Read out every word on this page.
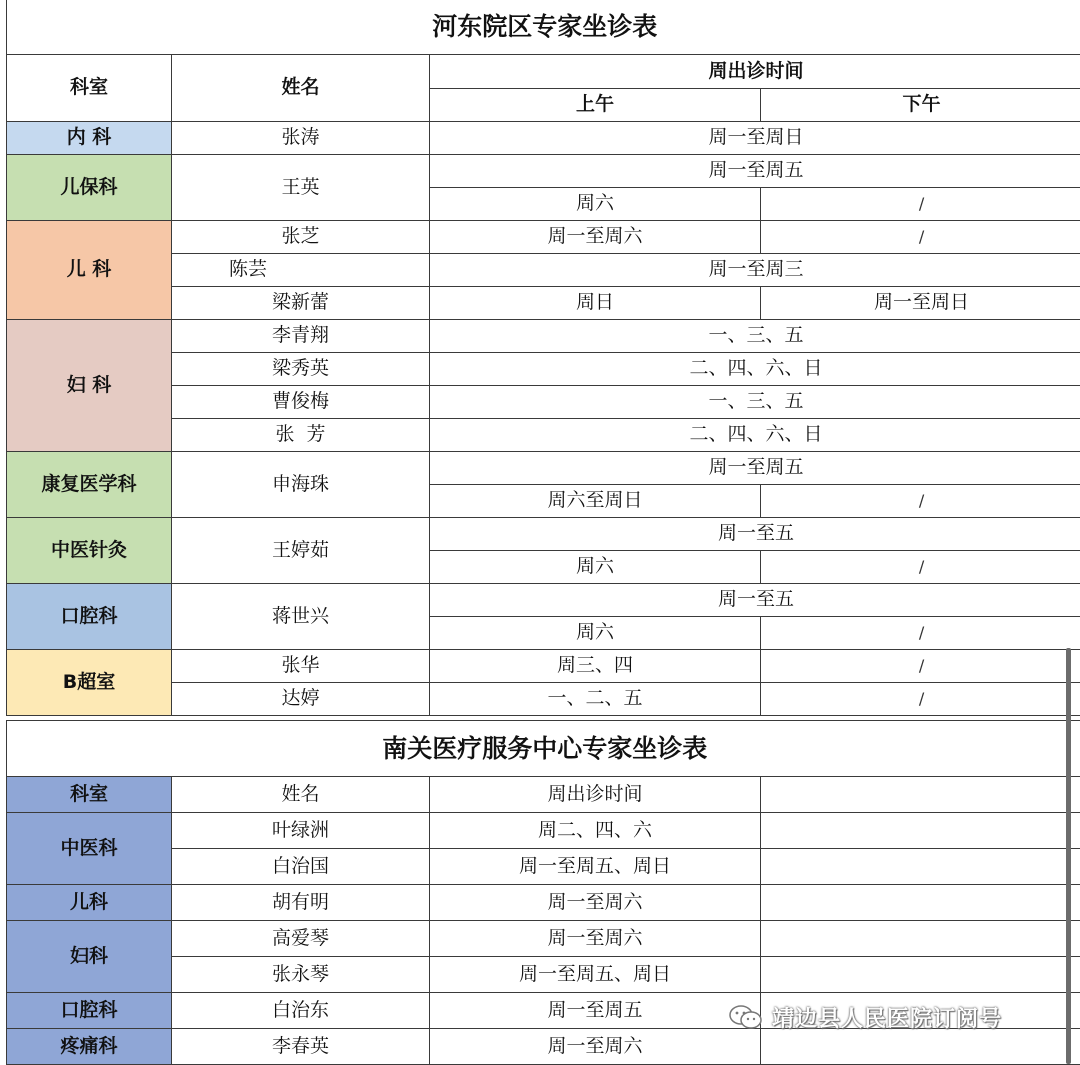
河东院区专家坐诊表			
科室	姓名	周出诊时间	
		上午	下午
内 科	张涛	周一至周日	
儿保科	王英	周一至周五	
		周六	/
儿 科	张芝	周一至周六	/
	陈芸	周一至周三	
	梁新蕾	周日	周一至周日
妇 科	李青翔	一、三、五	
	梁秀英	二、四、六、日	
	曹俊梅	一、三、五	
	张  芳	二、四、六、日	
康复医学科	申海珠	周一至周五	
		周六至周日	/
中医针灸	王婷茹	周一至五	
		周六	/
口腔科	蒋世兴	周一至五	
		周六	/
B超室	张华	周三、四	/
	达婷	一、二、五	/
南关医疗服务中心专家坐诊表			
科室	姓名	周出诊时间	
中医科	叶绿洲	周二、四、六	
	白治国	周一至周五、周日	
儿科	胡有明	周一至周六	
妇科	高爱琴	周一至周六	
	张永琴	周一至周五、周日	
口腔科	白治东	周一至周五	
疼痛科	李春英	周一至周六	
靖边县人民医院订阅号
